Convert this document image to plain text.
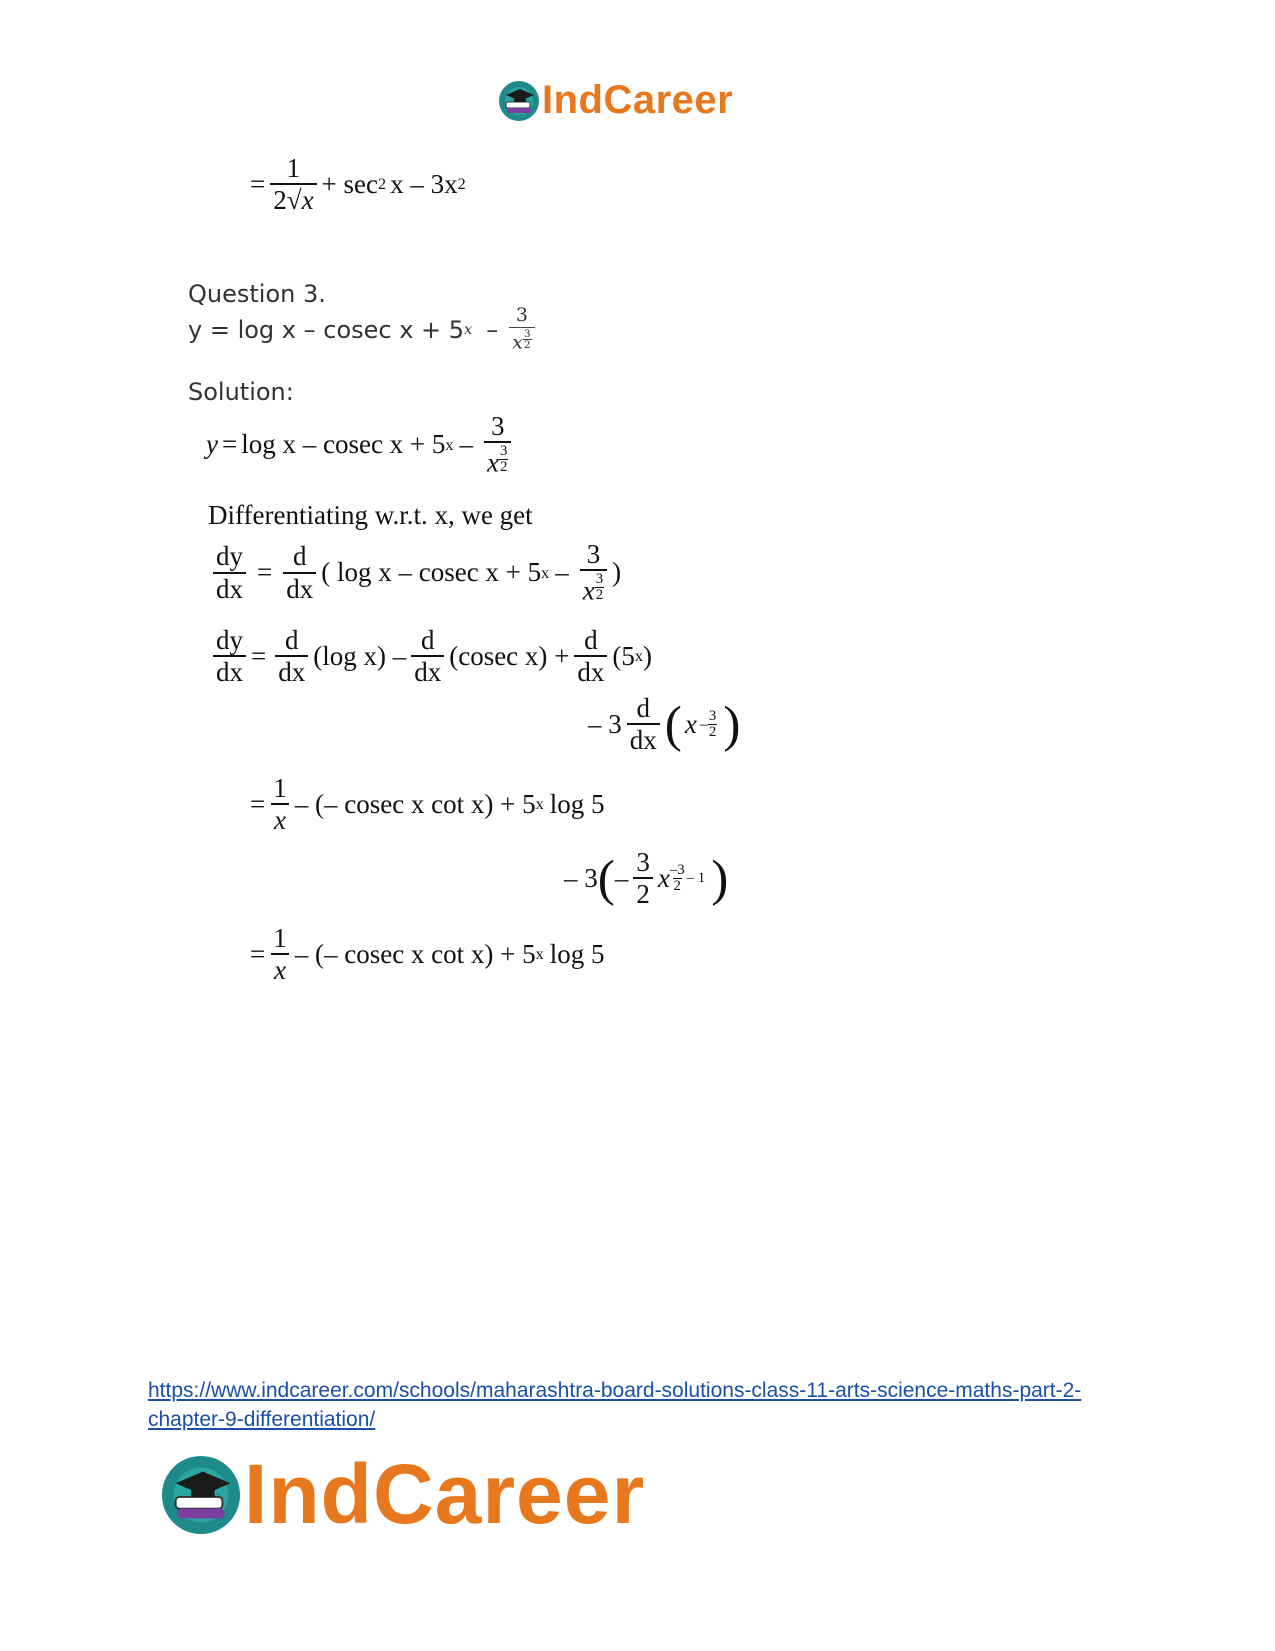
IndCareer
= $\frac{1}{2√x} + \sec 2$ x – 3x 2
Question 3.
y = log x – cosec x + 5 x – $\frac{3}{x \frac{3}{2}}$
Solution:
y = log x – cosec x + 5 x – $\frac{3}{x \frac{3}{2}}$
Differentiating w.r.t. x, we get
$\frac{dy}{dx} = \frac{d}{dx}$ ( log x – cosec x + 5 x – $\frac{3}{x \frac{3}{2}}$ )
$\frac{dy}{dx} = \frac{d}{dx} (\log$ $x) - \frac{d}{dx} (cosec$ $x) + \frac{d}{dx} (5$ x )
– $3 \frac{d}{dx}$ ( x – 3
2 )
= $\frac{1}{x}$ – (– cosec x cot x) + 5 x log 5
– 3 ( – $\frac{3}{2}$ x –3
2 – 1 )
= $\frac{1}{x}$ – (– cosec x cot x) + 5 x log 5
https://www.indcareer.com/schools/maharashtra-board-solutions-class-11-arts-science-maths-part-2-chapter-9-differentiation/
IndCareer
